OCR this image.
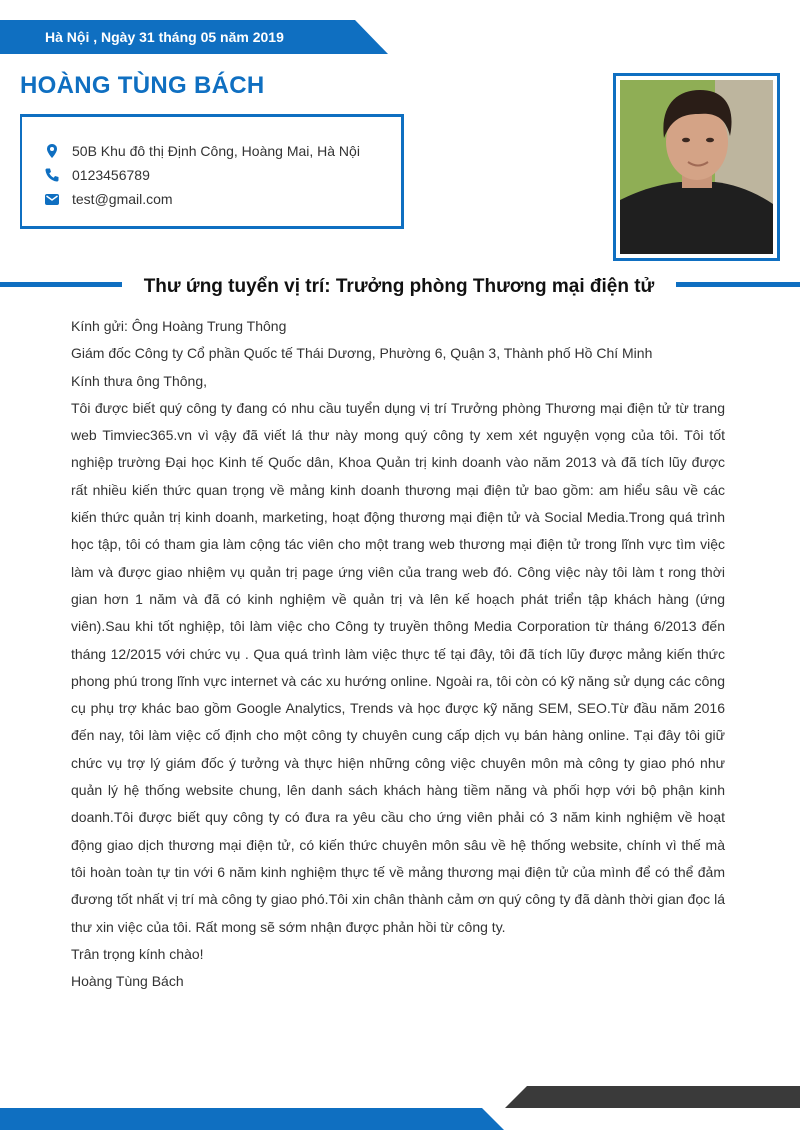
Hà Nội , Ngày 31 tháng 05 năm 2019
HOÀNG TÙNG BÁCH
50B Khu đô thị Định Công, Hoàng Mai, Hà Nội
0123456789
test@gmail.com
Thư ứng tuyển vị trí: Trưởng phòng Thương mại điện tử

Kính gửi: Ông Hoàng Trung Thông

Giám đốc Công ty Cổ phần Quốc tế Thái Dương, Phường 6, Quận 3, Thành phố Hồ Chí Minh

Kính thưa ông Thông,

Tôi được biết quý công ty đang có nhu cầu tuyển dụng vị trí Trưởng phòng Thương mại điện tử từ trang web Timviec365.vn vì vậy đã viết lá thư này mong quý công ty xem xét nguyện vọng của tôi. Tôi tốt nghiệp trường Đại học Kinh tế Quốc dân, Khoa Quản trị kinh doanh vào năm 2013 và đã tích lũy được rất nhiều kiến thức quan trọng về mảng kinh doanh thương mại điện tử bao gồm: am hiểu sâu về các kiến thức quản trị kinh doanh, marketing, hoạt động thương mại điện tử và Social Media.Trong quá trình học tập, tôi có tham gia làm cộng tác viên cho một trang web thương mại điện tử trong lĩnh vực tìm việc làm và được giao nhiệm vụ quản trị page ứng viên của trang web đó. Công việc này tôi làm t rong thời gian hơn 1 năm và đã có kinh nghiệm về quản trị và lên kế hoạch phát triển tập khách hàng (ứng viên).Sau khi tốt nghiệp, tôi làm việc cho Công ty truyền thông Media Corporation từ tháng 6/2013 đến tháng 12/2015 với chức vụ . Qua quá trình làm việc thực tế tại đây, tôi đã tích lũy được mảng kiến thức phong phú trong lĩnh vực internet và các xu hướng online. Ngoài ra, tôi còn có kỹ năng sử dụng các công cụ phụ trợ khác bao gồm Google Analytics, Trends và học được kỹ năng SEM, SEO.Từ đầu năm 2016 đến nay, tôi làm việc cố định cho một công ty chuyên cung cấp dịch vụ bán hàng online. Tại đây tôi giữ chức vụ trợ lý giám đốc ý tưởng và thực hiện những công việc chuyên môn mà công ty giao phó như quản lý hệ thống website chung, lên danh sách khách hàng tiềm năng và phối hợp với bộ phận kinh doanh.Tôi được biết quy công ty có đưa ra yêu cầu cho ứng viên phải có 3 năm kinh nghiệm về hoạt động giao dịch thương mại điện tử, có kiến thức chuyên môn sâu về hệ thống website, chính vì thế mà tôi hoàn toàn tự tin với 6 năm kinh nghiệm thực tế về mảng thương mại điện tử của mình để có thể đảm đương tốt nhất vị trí mà công ty giao phó.Tôi xin chân thành cảm ơn quý công ty đã dành thời gian đọc lá thư xin việc của tôi. Rất mong sẽ sớm nhận được phản hồi từ công ty.

Trân trọng kính chào!

Hoàng Tùng Bách
